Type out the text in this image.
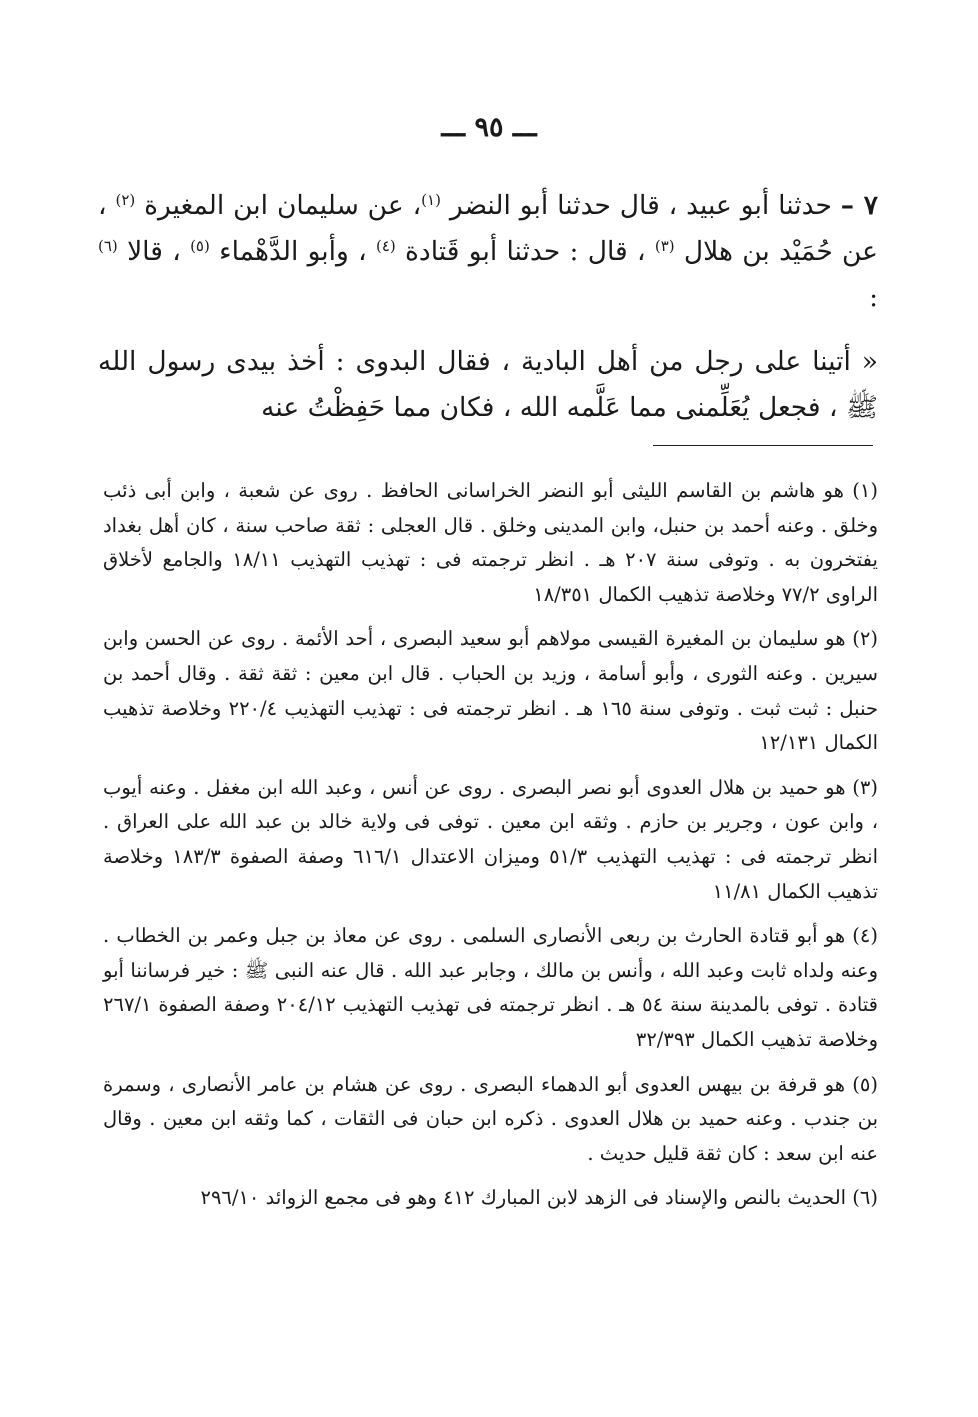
ـــ ٩٥ ـــ

٧ – حدثنا أبو عبيد ، قال حدثنا أبو النضر $^{(١)}$، عن سليمان ابن المغيرة $^{(٢)}$ ، عن حُمَيْد بن هلال $^{(٣)}$ ، قال : حدثنا أبو قَتادة $^{(٤)}$ ، وأبو الدَّهْماء $^{(٥)}$ ، قالا $^{(٦)}$ :

« أتينا على رجل من أهل البادية ، فقال البدوى : أخذ بيدى رسول الله ﷺ ، فجعل يُعَلِّمنى مما عَلَّمه الله ، فكان مما حَفِظْتُ عنه

(١) هو هاشم بن القاسم الليثى أبو النضر الخراسانى الحافظ . روى عن شعبة ، وابن أبى ذئب وخلق . وعنه أحمد بن حنبل، وابن المدينى وخلق . قال العجلى : ثقة صاحب سنة ، كان أهل بغداد يفتخرون به . وتوفى سنة ٢٠٧ هـ . انظر ترجمته فى : تهذيب التهذيب ١٨/١١ والجامع لأخلاق الراوى ٧٧/٢ وخلاصة تذهيب الكمال ١٨/٣٥١

(٢) هو سليمان بن المغيرة القيسى مولاهم أبو سعيد البصرى ، أحد الأئمة . روى عن الحسن وابن سيرين . وعنه الثورى ، وأبو أسامة ، وزيد بن الحباب . قال ابن معين : ثقة ثقة . وقال أحمد بن حنبل : ثبت ثبت . وتوفى سنة ١٦٥ هـ . انظر ترجمته فى : تهذيب التهذيب ٢٢٠/٤ وخلاصة تذهيب الكمال ١٢/١٣١

(٣) هو حميد بن هلال العدوى أبو نصر البصرى . روى عن أنس ، وعبد الله ابن مغفل . وعنه أيوب ، وابن عون ، وجرير بن حازم . وثقه ابن معين . توفى فى ولاية خالد بن عبد الله على العراق . انظر ترجمته فى : تهذيب التهذيب ٥١/٣ وميزان الاعتدال ٦١٦/١ وصفة الصفوة ١٨٣/٣ وخلاصة تذهيب الكمال ١١/٨١

(٤) هو أبو قتادة الحارث بن ربعى الأنصارى السلمى . روى عن معاذ بن جبل وعمر بن الخطاب . وعنه ولداه ثابت وعبد الله ، وأنس بن مالك ، وجابر عبد الله . قال عنه النبى ﷺ : خير فرساننا أبو قتادة . توفى بالمدينة سنة ٥٤ هـ . انظر ترجمته فى تهذيب التهذيب ٢٠٤/١٢ وصفة الصفوة ٢٦٧/١ وخلاصة تذهيب الكمال ٣٢/٣٩٣

(٥) هو قرفة بن بيهس العدوى أبو الدهماء البصرى . روى عن هشام بن عامر الأنصارى ، وسمرة بن جندب . وعنه حميد بن هلال العدوى . ذكره ابن حبان فى الثقات ، كما وثقه ابن معين . وقال عنه ابن سعد : كان ثقة قليل حديث .

(٦) الحديث بالنص والإسناد فى الزهد لابن المبارك ٤١٢ وهو فى مجمع الزوائد ٢٩٦/١٠
